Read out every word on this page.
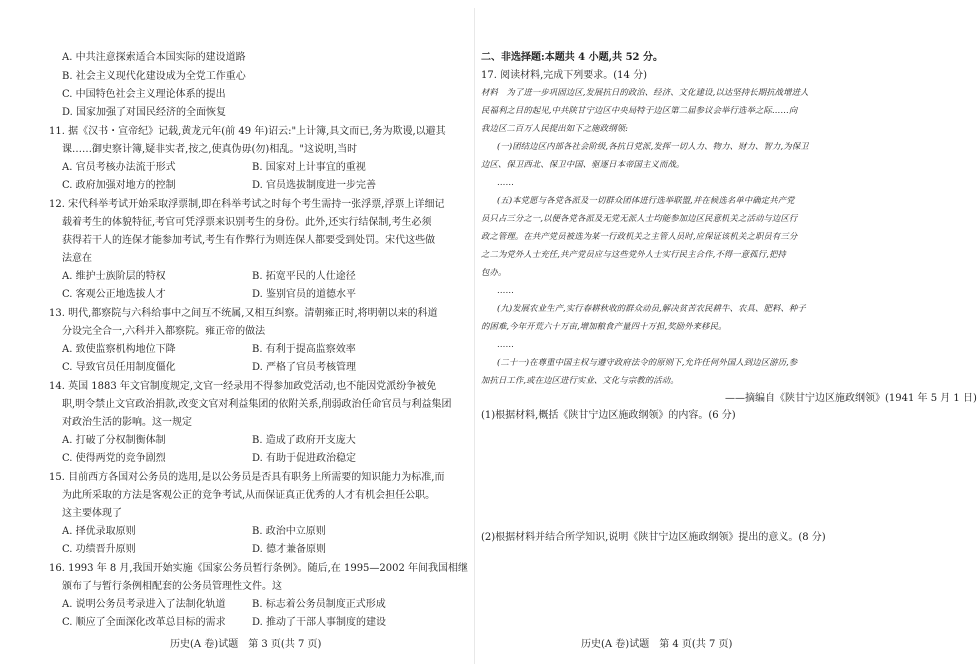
A. 中共注意探索适合本国实际的建设道路
B. 社会主义现代化建设成为全党工作重心
C. 中国特色社会主义理论体系的提出
D. 国家加强了对国民经济的全面恢复
11. 据《汉书・宣帝纪》记载,黄龙元年(前 49 年)诏云:"上计簿,具文而已,务为欺谩,以避其
课……御史察计簿,疑非实者,按之,使真伪毋(勿)相乱。"这说明,当时
A. 官员考核办法流于形式	B. 国家对上计事宜的重视
C. 政府加强对地方的控制	D. 官员选拔制度进一步完善
12. 宋代科举考试开始采取浮票制,即在科举考试之时每个考生需持一张浮票,浮票上详细记
载着考生的体貌特征,考官可凭浮票来识别考生的身份。此外,还实行结保制,考生必须
获得若干人的连保才能参加考试,考生有作弊行为则连保人都要受到处罚。宋代这些做
法意在
A. 维护士族阶层的特权	B. 拓宽平民的人仕途径
C. 客观公正地选拔人才	D. 鉴别官员的道德水平
13. 明代,都察院与六科给事中之间互不统属,又相互纠察。清朝雍正时,将明朝以来的科道
分设完全合一,六科并入都察院。雍正帝的做法
A. 致使监察机构地位下降	B. 有利于提高监察效率
C. 导致官员任用制度僵化	D. 严格了官员考核管理
14. 英国 1883 年文官制度规定,文官一经录用不得参加政党活动,也不能因党派纷争被免
职,明令禁止文官政治捐款,改变文官对利益集团的依附关系,削弱政治任命官员与利益集团
对政治生活的影响。这一规定
A. 打破了分权制衡体制	B. 造成了政府开支庞大
C. 使得两党的竞争剧烈	D. 有助于促进政治稳定
15. 目前西方各国对公务员的选用,是以公务员是否具有职务上所需要的知识能力为标准,而
为此所采取的方法是客观公正的竞争考试,从而保证真正优秀的人才有机会担任公职。
这主要体现了
A. 择优录取原则	B. 政治中立原则
C. 功绩晋升原则	D. 德才兼备原则
16. 1993 年 8 月,我国开始实施《国家公务员暂行条例》。随后,在 1995—2002 年间我国相继
颁布了与暂行条例相配套的公务员管理性文件。这
A. 说明公务员考录进入了法制化轨道	B. 标志着公务员制度正式形成
C. 顺应了全面深化改革总目标的需求	D. 推动了干部人事制度的建设
历史(A 卷)试题　第 3 页(共 7 页)
二、非选择题:本题共 4 小题,共 52 分。
17. 阅读材料,完成下列要求。(14 分)
材料　为了进一步巩固边区,发展抗日的政治、经济、文化建设,以达坚持长期抗战增进人
民福利之目的起见,中共陕甘宁边区中央局特于边区第二届参议会举行选举之际……向
我边区二百万人民提出如下之施政纲领:
(一)团结边区内部各社会阶级,各抗日党派,发挥一切人力、物力、财力、智力,为保卫
边区、保卫西北、保卫中国、驱逐日本帝国主义而战。
……
(五)本党愿与各党各派及一切群众团体进行选举联盟,并在候选名单中确定共产党
员只占三分之一,以便各党各派及无党无派人士均能参加边区民意机关之活动与边区行
政之管理。在共产党员被选为某一行政机关之主管人员时,应保证该机关之职员有三分
之二为党外人士充任,共产党员应与这些党外人士实行民主合作,不得一意孤行,把持
包办。
……
(九)发展农业生产,实行春耕秋收的群众动员,解决贫苦农民耕牛、农具、肥料、种子
的困难,今年开荒六十万亩,增加粮食产量四十万担,奖励外来移民。
……
(二十一)在尊重中国主权与遵守政府法令的原则下,允许任何外国人到边区游历,参
加抗日工作,或在边区进行实业、文化与宗教的活动。
——摘编自《陕甘宁边区施政纲领》(1941 年 5 月 1 日)
(1)根据材料,概括《陕甘宁边区施政纲领》的内容。(6 分)
(2)根据材料并结合所学知识,说明《陕甘宁边区施政纲领》提出的意义。(8 分)
历史(A 卷)试题　第 4 页(共 7 页)
